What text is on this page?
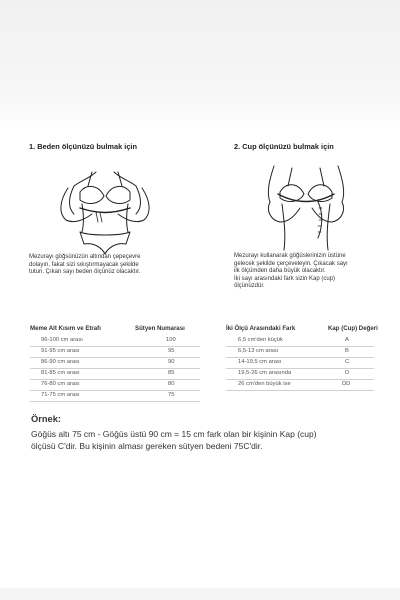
1. Beden ölçünüzü bulmak için

Mezurayı göğsünüzün altından çepeçevre
dolayın, fakat sizi sıkıştırmayacak şekilde
tutun. Çıkan sayı beden ölçünüz olacaktır.

2. Cup ölçünüzü bulmak için

Mezurayı kullanarak göğüslerinizin üstüne
gelecek şekilde çerçeveleyin. Çıkacak sayı
ilk ölçümden daha büyük olacaktır.
İki sayı arasındaki fark sizin Kap (cup)
ölçünüzdür.

Meme Alt Kısım ve Etrafı	Sütyen Numarası
96-100 cm arası	100
91-95 cm arası	95
86-90 cm arası	90
81-85 cm arası	85
76-80 cm arası	80
71-75 cm arası	75
İki Ölçü Arasındaki Fark	Kap (Cup) Değeri
6,5 cm'den küçük	A
6,5-13 cm arası	B
14-19,5 cm arası	C
19,5-26 cm arasında	D
26 cm'den büyük ise	DD
Örnek:
Göğüs altı 75 cm - Göğüs üstü 90 cm = 15 cm fark olan bir kişinin Kap (cup)
ölçüsü C'dir. Bu kişinin alması gereken sütyen bedeni 75C'dir.
